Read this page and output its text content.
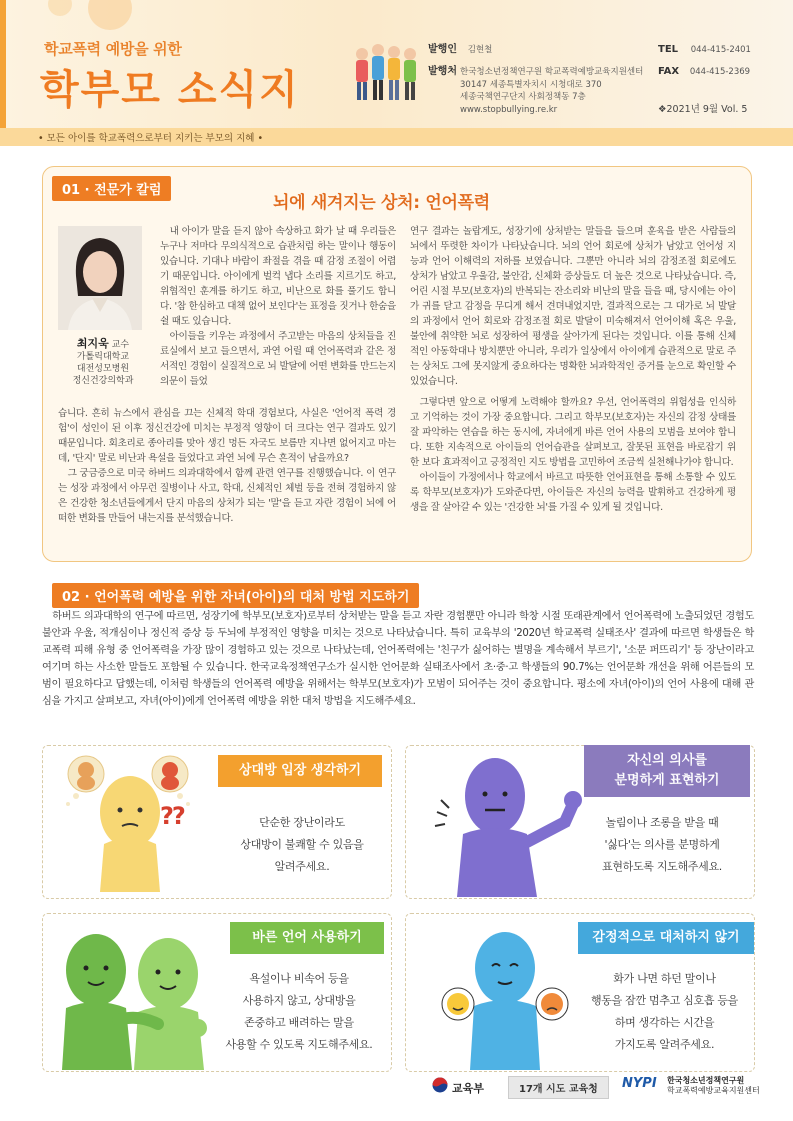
학교폭력 예방을 위한
학부모 소식지
발행인 김현철
발행처 한국청소년정책연구원 학교폭력예방교육지원센터
30147 세종특별자치시 시청대로 370
세종국책연구단지 사회정책동 7층
www.stopbullying.re.kr
TEL 044-415-2401
FAX 044-415-2369
❖2021년 9월 Vol. 5
• 모든 아이를 학교폭력으로부터 지키는 부모의 지혜 •
01 · 전문가 칼럼
뇌에 새겨지는 상처: 언어폭력
최지욱 교수
가톨릭대학교
대전성모병원
정신건강의학과

내 아이가 말을 듣지 않아 속상하고 화가 날 때 우리들은 누구나 저마다 무의식적으로 습관처럼 하는 말이나 행동이 있습니다. 기대나 바람이 좌절을 겪을 때 감정 조절이 어렵기 때문입니다. 아이에게 벌컥 냅다 소리를 지르기도 하고, 위협적인 훈계를 하기도 하고, 비난으로 화를 풀기도 합니다. '참 한심하고 대책 없어 보인다'는 표정을 짓거나 한숨을 쉴 때도 있습니다.

아이들을 키우는 과정에서 주고받는 마음의 상처들을 진료실에서 보고 들으면서, 과연 어릴 때 언어폭력과 같은 정서적인 경험이 실질적으로 뇌 발달에 어떤 변화를 만드는지 의문이 들었

습니다. 흔히 뉴스에서 관심을 끄는 신체적 학대 경험보다, 사실은 '언어적 폭력 경험'이 성인이 된 이후 정신건강에 미치는 부정적 영향이 더 크다는 연구 결과도 있기 때문입니다. 회초리로 종아리를 맞아 생긴 멍든 자국도 보름만 지나면 없어지고 마는데, '단지' 말로 비난과 욕설을 들었다고 과연 뇌에 무슨 흔적이 남을까요?

그 궁금증으로 미국 하버드 의과대학에서 함께 관련 연구를 진행했습니다. 이 연구는 성장 과정에서 아무런 질병이나 사고, 학대, 신체적인 체벌 등을 전혀 경험하지 않은 건강한 청소년들에게서 단지 마음의 상처가 되는 '말'을 듣고 자란 경험이 뇌에 어떠한 변화를 만들어 내는지를 분석했습니다.

연구 결과는 놀랍게도, 성장기에 상처받는 말들을 들으며 훈육을 받은 사람들의 뇌에서 뚜렷한 차이가 나타났습니다. 뇌의 언어 회로에 상처가 남았고 언어성 지능과 언어 이해력의 저하를 보였습니다. 그뿐만 아니라 뇌의 감정조절 회로에도 상처가 남았고 우울감, 불안감, 신체화 증상들도 더 높은 것으로 나타났습니다. 즉, 어린 시절 부모(보호자)의 반복되는 잔소리와 비난의 말을 들을 때, 당시에는 아이가 귀를 닫고 감정을 무디게 해서 견뎌내었지만, 결과적으로는 그 대가로 뇌 발달의 과정에서 언어 회로와 감정조절 회로 발달이 미숙해져서 언어이해 혹은 우울, 불안에 취약한 뇌로 성장하여 평생을 살아가게 된다는 것입니다. 이를 통해 신체적인 아동학대나 방치뿐만 아니라, 우리가 일상에서 아이에게 습관적으로 말로 주는 상처도 그에 못지않게 중요하다는 명확한 뇌과학적인 증거를 눈으로 확인할 수 있었습니다.

그렇다면 앞으로 어떻게 노력해야 할까요? 우선, 언어폭력의 위험성을 인식하고 기억하는 것이 가장 중요합니다. 그리고 학부모(보호자)는 자신의 감정 상태를 잘 파악하는 연습을 하는 동시에, 자녀에게 바른 언어 사용의 모범을 보여야 합니다. 또한 지속적으로 아이들의 언어습관을 살펴보고, 잘못된 표현을 바로잡기 위한 보다 효과적이고 긍정적인 지도 방법을 고민하여 조금씩 실천해나가야 합니다.

아이들이 가정에서나 학교에서 바르고 따뜻한 언어표현을 통해 소통할 수 있도록 학부모(보호자)가 도와준다면, 아이들은 자신의 능력을 발휘하고 건강하게 평생을 잘 살아갈 수 있는 '건강한 뇌'를 가질 수 있게 될 것입니다.

02 · 언어폭력 예방을 위한 자녀(아이)의 대처 방법 지도하기

하버드 의과대학의 연구에 따르면, 성장기에 학부모(보호자)로부터 상처받는 말을 듣고 자란 경험뿐만 아니라 학창 시절 또래관계에서 언어폭력에 노출되었던 경험도 불안과 우울, 적개심이나 정신적 증상 등 두뇌에 부정적인 영향을 미치는 것으로 나타났습니다. 특히 교육부의 '2020년 학교폭력 실태조사' 결과에 따르면 학생들은 학교폭력 피해 유형 중 언어폭력을 가장 많이 경험하고 있는 것으로 나타났는데, 언어폭력에는 '친구가 싫어하는 별명을 계속해서 부르기', '소문 퍼뜨리기' 등 장난이라고 여기며 하는 사소한 말들도 포함될 수 있습니다. 한국교육정책연구소가 실시한 언어문화 실태조사에서 초·중·고 학생들의 90.7%는 언어문화 개선을 위해 어른들의 모범이 필요하다고 답했는데, 이처럼 학생들의 언어폭력 예방을 위해서는 학부모(보호자)가 모범이 되어주는 것이 중요합니다. 평소에 자녀(아이)의 언어 사용에 대해 관심을 가지고 살펴보고, 자녀(아이)에게 언어폭력 예방을 위한 대처 방법을 지도해주세요.

상대방 입장 생각하기
??	단순한 장난이라도
상대방이 불쾌할 수 있음을
알려주세요.
자신의 의사를
분명하게 표현하기
놀림이나 조롱을 받을 때
'싫다'는 의사를 분명하게
표현하도록 지도해주세요.
바른 언어 사용하기
욕설이나 비속어 등을
사용하지 않고, 상대방을
존중하고 배려하는 말을
사용할 수 있도록 지도해주세요.
감정적으로 대처하지 않기
화가 나면 하던 말이나
행동을 잠깐 멈추고 심호흡 등을
하며 생각하는 시간을
가지도록 알려주세요.
교육부	17개 시도 교육청	NYPI 한국청소년정책연구원
학교폭력예방교육지원센터
